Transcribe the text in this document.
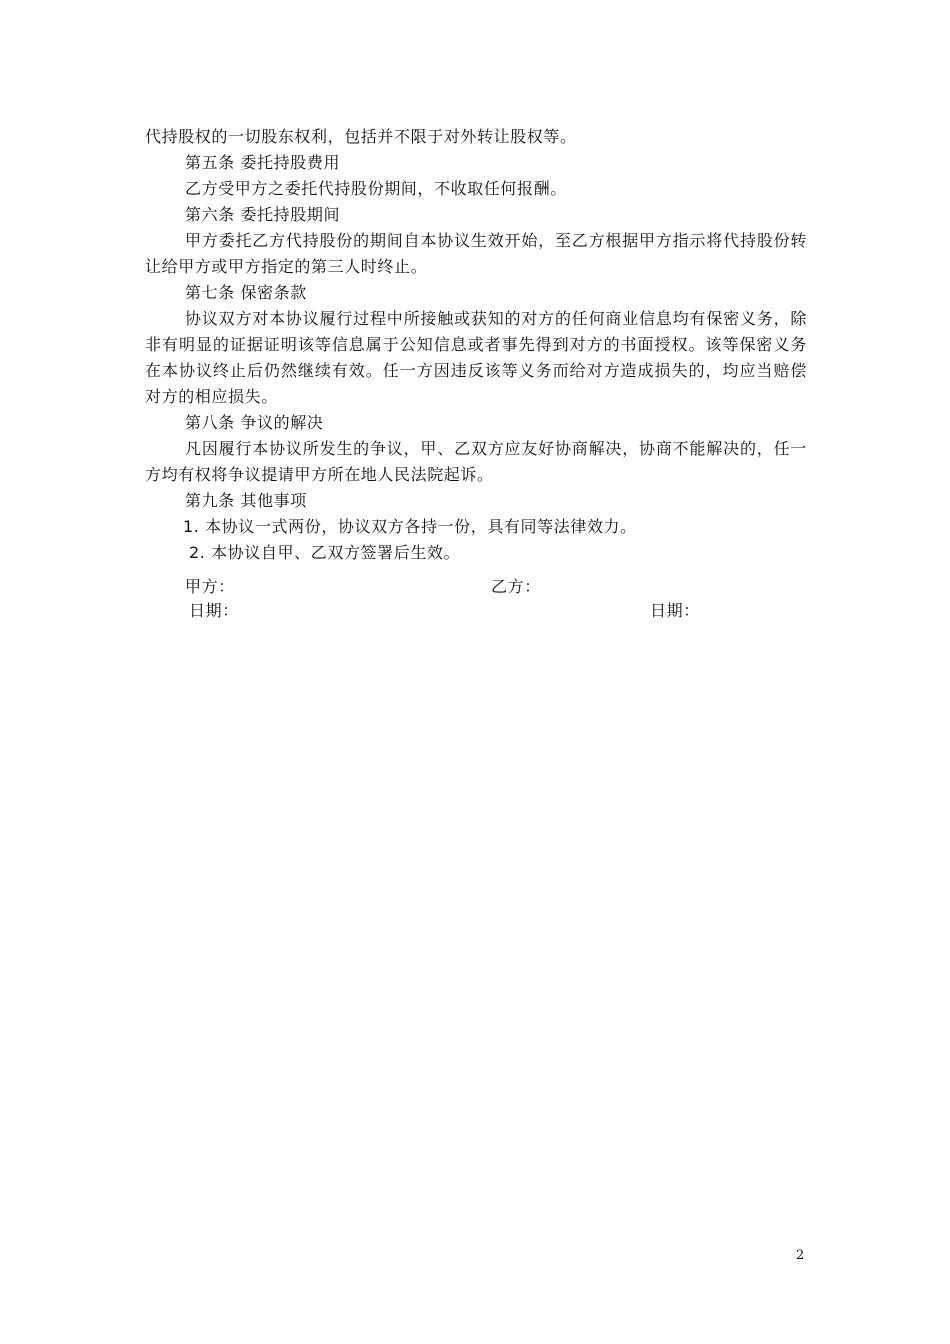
代持股权的一切股东权利，包括并不限于对外转让股权等。

第五条 委托持股费用

乙方受甲方之委托代持股份期间，不收取任何报酬。

第六条 委托持股期间

甲方委托乙方代持股份的期间自本协议生效开始，至乙方根据甲方指示将代持股份转让给甲方或甲方指定的第三人时终止。

第七条 保密条款

协议双方对本协议履行过程中所接触或获知的对方的任何商业信息均有保密义务，除非有明显的证据证明该等信息属于公知信息或者事先得到对方的书面授权。该等保密义务在本协议终止后仍然继续有效。任一方因违反该等义务而给对方造成损失的，均应当赔偿对方的相应损失。

第八条 争议的解决

凡因履行本协议所发生的争议，甲、乙双方应友好协商解决，协商不能解决的，任一方均有权将争议提请甲方所在地人民法院起诉。

第九条 其他事项

1. 本协议一式两份，协议双方各持一份，具有同等法律效力。

2. 本协议自甲、乙双方签署后生效。

甲方：	乙方：
日期：	日期：
2
